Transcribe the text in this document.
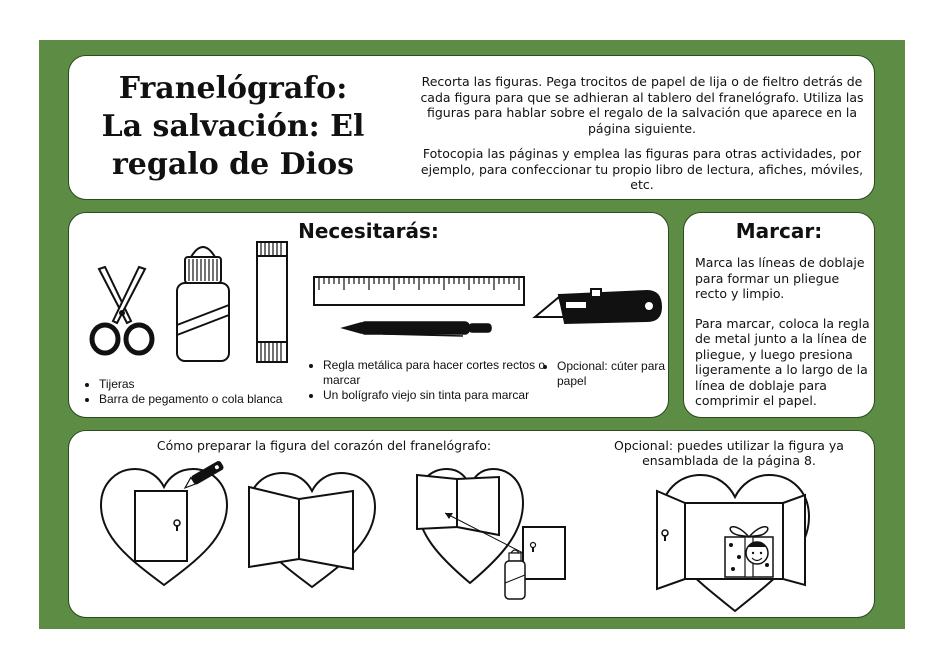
Franelógrafo:
La salvación: El
regalo de Dios

Recorta las figuras. Pega trocitos de papel de lija o de fieltro detrás de cada figura para que se adhieran al tablero del franelógrafo. Utiliza las figuras para hablar sobre el regalo de la salvación que aparece en la página siguiente.

Fotocopia las páginas y emplea las figuras para otras actividades, por ejemplo, para confeccionar tu propio libro de lectura, afiches, móviles, etc.

Necesitarás:
• Tijeras
• Barra de pegamento o cola blanca
• Regla metálica para hacer cortes rectos o marcar
• Un bolígrafo viejo sin tinta para marcar
• Opcional: cúter para papel
Marcar:

Marca las líneas de doblaje para formar un pliegue recto y limpio.

Para marcar, coloca la regla de metal junto a la línea de pliegue, y luego presiona ligeramente a lo largo de la línea de doblaje para comprimir el papel.

Cómo preparar la figura del corazón del franelógrafo:	Opcional: puedes utilizar la figura ya ensamblada de la página 8.
